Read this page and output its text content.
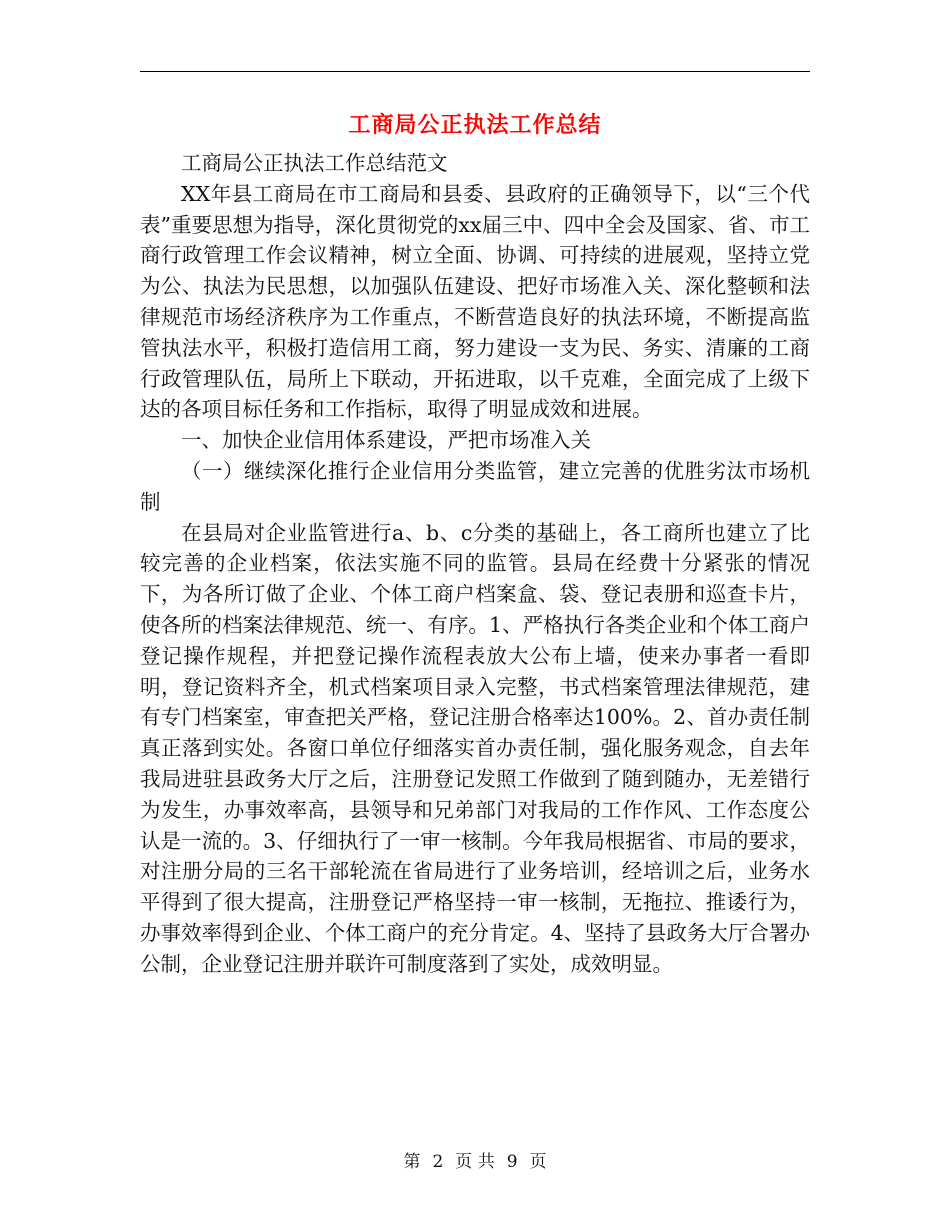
工商局公正执法工作总结

工商局公正执法工作总结范文

XX年县工商局在市工商局和县委、县政府的正确领导下，以“三个代表”重要思想为指导，深化贯彻党的xx届三中、四中全会及国家、省、市工商行政管理工作会议精神，树立全面、协调、可持续的进展观，坚持立党为公、执法为民思想，以加强队伍建设、把好市场准入关、深化整顿和法律规范市场经济秩序为工作重点，不断营造良好的执法环境，不断提高监管执法水平，积极打造信用工商，努力建设一支为民、务实、清廉的工商行政管理队伍，局所上下联动，开拓进取，以千克难，全面完成了上级下达的各项目标任务和工作指标，取得了明显成效和进展。

一、加快企业信用体系建设，严把市场准入关

（一）继续深化推行企业信用分类监管，建立完善的优胜劣汰市场机制

在县局对企业监管进行a、b、c分类的基础上，各工商所也建立了比较完善的企业档案，依法实施不同的监管。县局在经费十分紧张的情况下，为各所订做了企业、个体工商户档案盒、袋、登记表册和巡查卡片，使各所的档案法律规范、统一、有序。1、严格执行各类企业和个体工商户登记操作规程，并把登记操作流程表放大公布上墙，使来办事者一看即明，登记资料齐全，机式档案项目录入完整，书式档案管理法律规范，建有专门档案室，审查把关严格，登记注册合格率达100%。2、首办责任制真正落到实处。各窗口单位仔细落实首办责任制，强化服务观念，自去年我局进驻县政务大厅之后，注册登记发照工作做到了随到随办，无差错行为发生，办事效率高，县领导和兄弟部门对我局的工作作风、工作态度公认是一流的。3、仔细执行了一审一核制。今年我局根据省、市局的要求，对注册分局的三名干部轮流在省局进行了业务培训，经培训之后，业务水平得到了很大提高，注册登记严格坚持一审一核制，无拖拉、推诿行为，办事效率得到企业、个体工商户的充分肯定。4、坚持了县政务大厅合署办公制，企业登记注册并联许可制度落到了实处，成效明显。

第 2 页 共 9 页
